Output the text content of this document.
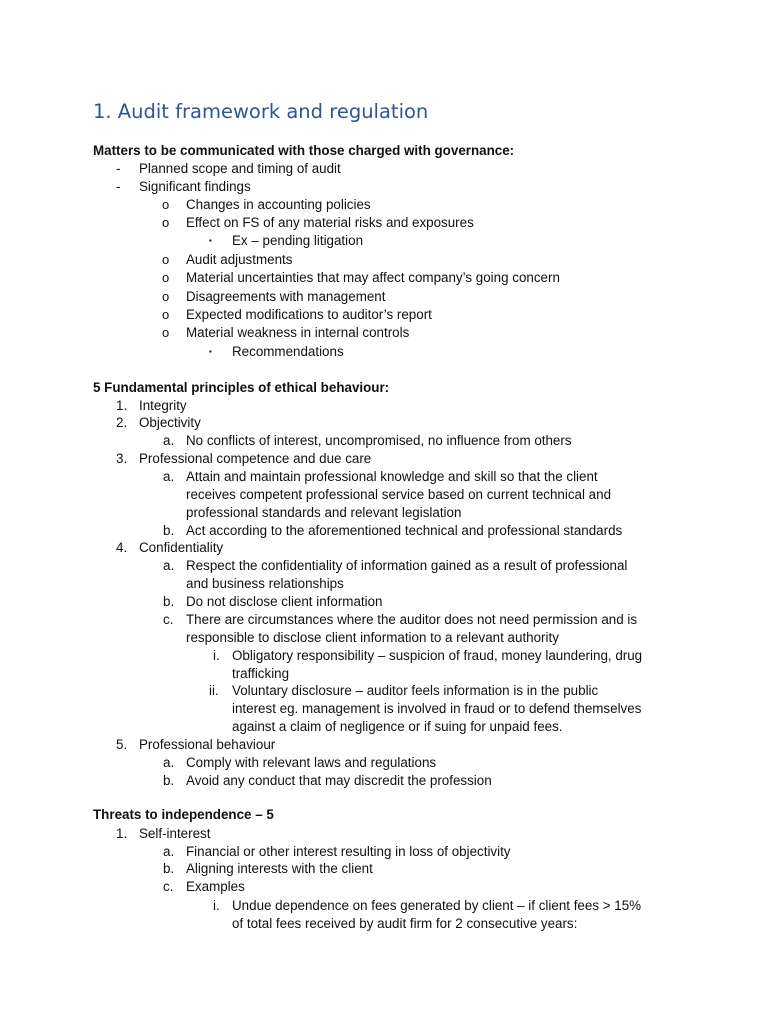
1. Audit framework and regulation
Matters to be communicated with those charged with governance:
- Planned scope and timing of audit
- Significant findings
o Changes in accounting policies
o Effect on FS of any material risks and exposures
▪ Ex – pending litigation
o Audit adjustments
o Material uncertainties that may affect company’s going concern
o Disagreements with management
o Expected modifications to auditor’s report
o Material weakness in internal controls
▪ Recommendations
5 Fundamental principles of ethical behaviour:
1. Integrity
2. Objectivity
a. No conflicts of interest, uncompromised, no influence from others
3. Professional competence and due care
a. Attain and maintain professional knowledge and skill so that the client
receives competent professional service based on current technical and
professional standards and relevant legislation
b. Act according to the aforementioned technical and professional standards
4. Confidentiality
a. Respect the confidentiality of information gained as a result of professional
and business relationships
b. Do not disclose client information
c. There are circumstances where the auditor does not need permission and is
responsible to disclose client information to a relevant authority
i. Obligatory responsibility – suspicion of fraud, money laundering, drug
trafficking
ii. Voluntary disclosure – auditor feels information is in the public
interest eg. management is involved in fraud or to defend themselves
against a claim of negligence or if suing for unpaid fees.
5. Professional behaviour
a. Comply with relevant laws and regulations
b. Avoid any conduct that may discredit the profession
Threats to independence – 5
1. Self-interest
a. Financial or other interest resulting in loss of objectivity
b. Aligning interests with the client
c. Examples
i. Undue dependence on fees generated by client – if client fees > 15%
of total fees received by audit firm for 2 consecutive years:
